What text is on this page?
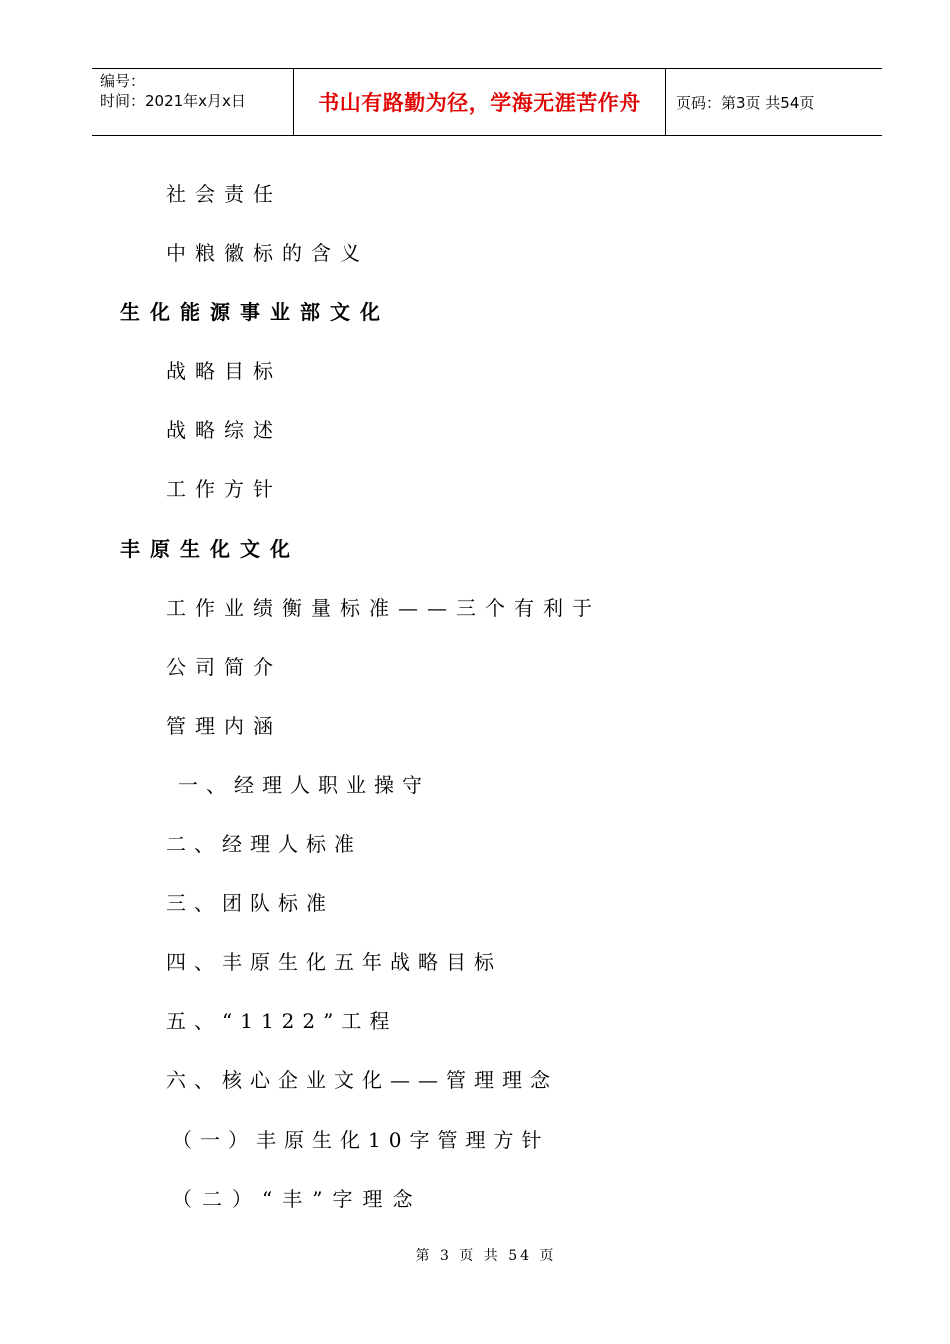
编号：
时间：2021年x月x日	书山有路勤为径，学海无涯苦作舟	页码：第3页 共54页
社会责任
中粮徽标的含义
生化能源事业部文化
战略目标
战略综述
工作方针
丰原生化文化
工作业绩衡量标准——三个有利于
公司简介
管理内涵
一、经理人职业操守
二、经理人标准
三、团队标准
四、丰原生化五年战略目标
五、“1122”工程
六、核心企业文化——管理理念
（一）丰原生化10字管理方针
（二）“丰”字理念
第 3 页 共 54 页
